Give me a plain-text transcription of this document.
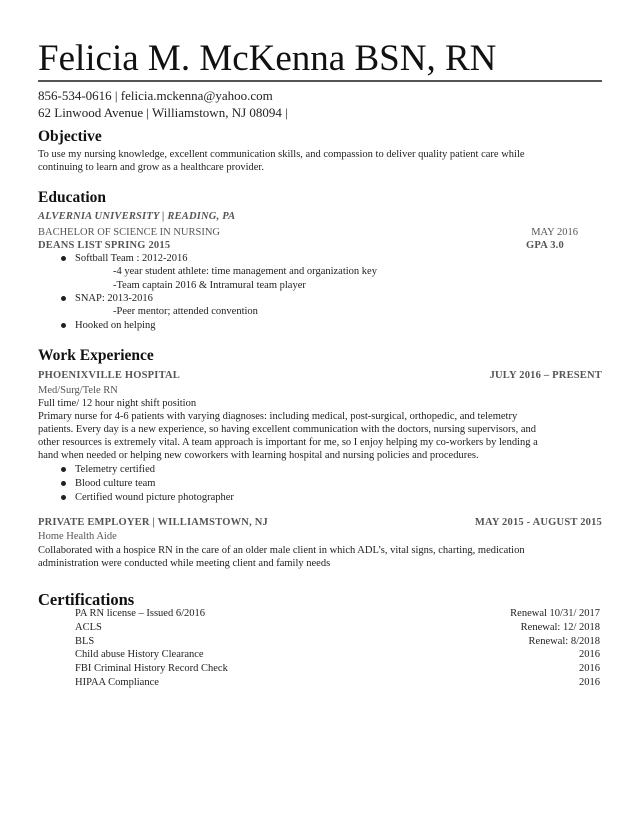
Felicia M. McKenna BSN, RN
856-534-0616 | felicia.mckenna@yahoo.com
62 Linwood Avenue | Williamstown, NJ 08094 |
Objective
To use my nursing knowledge, excellent communication skills, and compassion to deliver quality patient care while
continuing to learn and grow as a healthcare provider.
Education
ALVERNIA UNIVERSITY | READING, PA
BACHELOR OF SCIENCE IN NURSING	MAY 2016
DEANS LIST SPRING 2015	GPA 3.0
Softball Team : 2012-2016
-4 year student athlete: time management and organization key
-Team captain 2016 & Intramural team player
SNAP: 2013-2016
-Peer mentor; attended convention
Hooked on helping
Work Experience
PHOENIXVILLE HOSPITAL	JULY 2016 – PRESENT
Med/Surg/Tele RN
Full time/ 12 hour night shift position
Primary nurse for 4-6 patients with varying diagnoses: including medical, post-surgical, orthopedic, and telemetry
patients. Every day is a new experience, so having excellent communication with the doctors, nursing supervisors, and
other resources is extremely vital. A team approach is important for me, so I enjoy helping my co-workers by lending a
hand when needed or helping new coworkers with learning hospital and nursing policies and procedures.
Telemetry certified
Blood culture team
Certified wound picture photographer
PRIVATE EMPLOYER | WILLIAMSTOWN, NJ	MAY 2015 - AUGUST 2015
Home Health Aide
Collaborated with a hospice RN in the care of an older male client in which ADL’s, vital signs, charting, medication
administration were conducted while meeting client and family needs
Certifications
PA RN license – Issued 6/2016	Renewal 10/31/ 2017
ACLS	Renewal: 12/ 2018
BLS	Renewal: 8/2018
Child abuse History Clearance	2016
FBI Criminal History Record Check	2016
HIPAA Compliance	2016
